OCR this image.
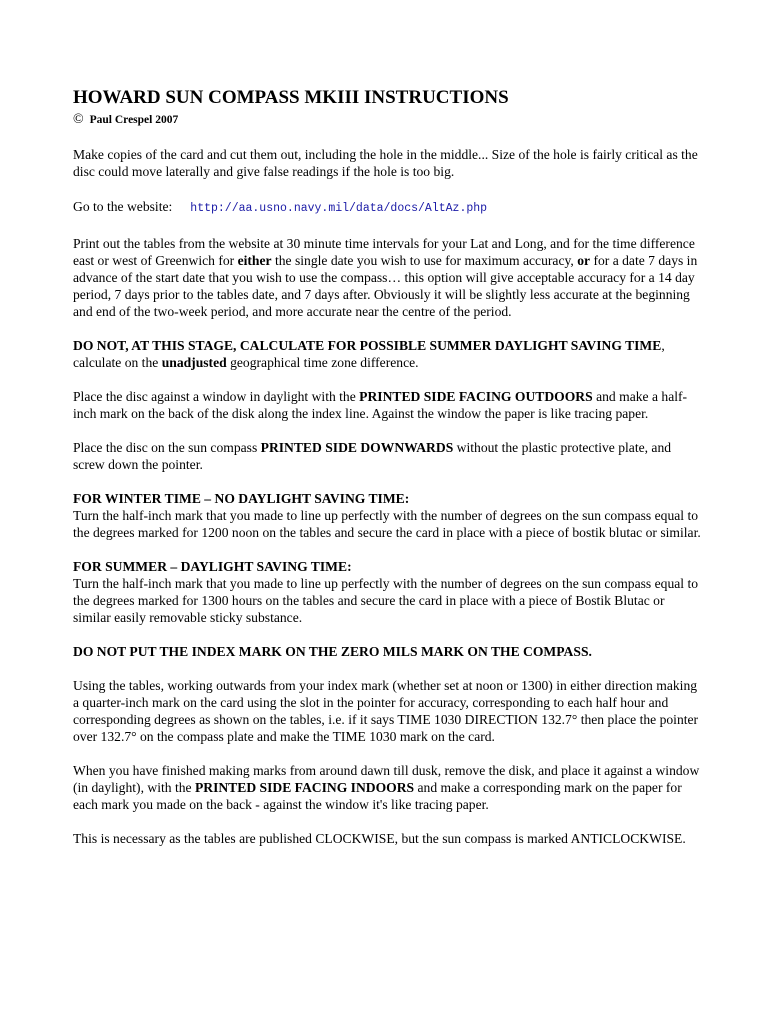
HOWARD SUN COMPASS MKIII INSTRUCTIONS
© Paul Crespel 2007

Make copies of the card and cut them out, including the hole in the middle... Size of the hole is fairly critical as the disc could move laterally and give false readings if the hole is too big.

Go to the website: http://aa.usno.navy.mil/data/docs/AltAz.php

Print out the tables from the website at 30 minute time intervals for your Lat and Long, and for the time difference east or west of Greenwich for either the single date you wish to use for maximum accuracy, or for a date 7 days in advance of the start date that you wish to use the compass… this option will give acceptable accuracy for a 14 day period, 7 days prior to the tables date, and 7 days after. Obviously it will be slightly less accurate at the beginning and end of the two-week period, and more accurate near the centre of the period.

DO NOT, AT THIS STAGE, CALCULATE FOR POSSIBLE SUMMER DAYLIGHT SAVING TIME, calculate on the unadjusted geographical time zone difference.

Place the disc against a window in daylight with the PRINTED SIDE FACING OUTDOORS and make a half-inch mark on the back of the disk along the index line. Against the window the paper is like tracing paper.

Place the disc on the sun compass PRINTED SIDE DOWNWARDS without the plastic protective plate, and screw down the pointer.

FOR WINTER TIME – NO DAYLIGHT SAVING TIME:

Turn the half-inch mark that you made to line up perfectly with the number of degrees on the sun compass equal to the degrees marked for 1200 noon on the tables and secure the card in place with a piece of bostik blutac or similar.

FOR SUMMER – DAYLIGHT SAVING TIME:

Turn the half-inch mark that you made to line up perfectly with the number of degrees on the sun compass equal to the degrees marked for 1300 hours on the tables and secure the card in place with a piece of Bostik Blutac or similar easily removable sticky substance.

DO NOT PUT THE INDEX MARK ON THE ZERO MILS MARK ON THE COMPASS.

Using the tables, working outwards from your index mark (whether set at noon or 1300) in either direction making a quarter-inch mark on the card using the slot in the pointer for accuracy, corresponding to each half hour and corresponding degrees as shown on the tables, i.e. if it says TIME 1030 DIRECTION 132.7° then place the pointer over 132.7° on the compass plate and make the TIME 1030 mark on the card.

When you have finished making marks from around dawn till dusk, remove the disk, and place it against a window (in daylight), with the PRINTED SIDE FACING INDOORS and make a corresponding mark on the paper for each mark you made on the back - against the window it's like tracing paper.

This is necessary as the tables are published CLOCKWISE, but the sun compass is marked ANTICLOCKWISE.
